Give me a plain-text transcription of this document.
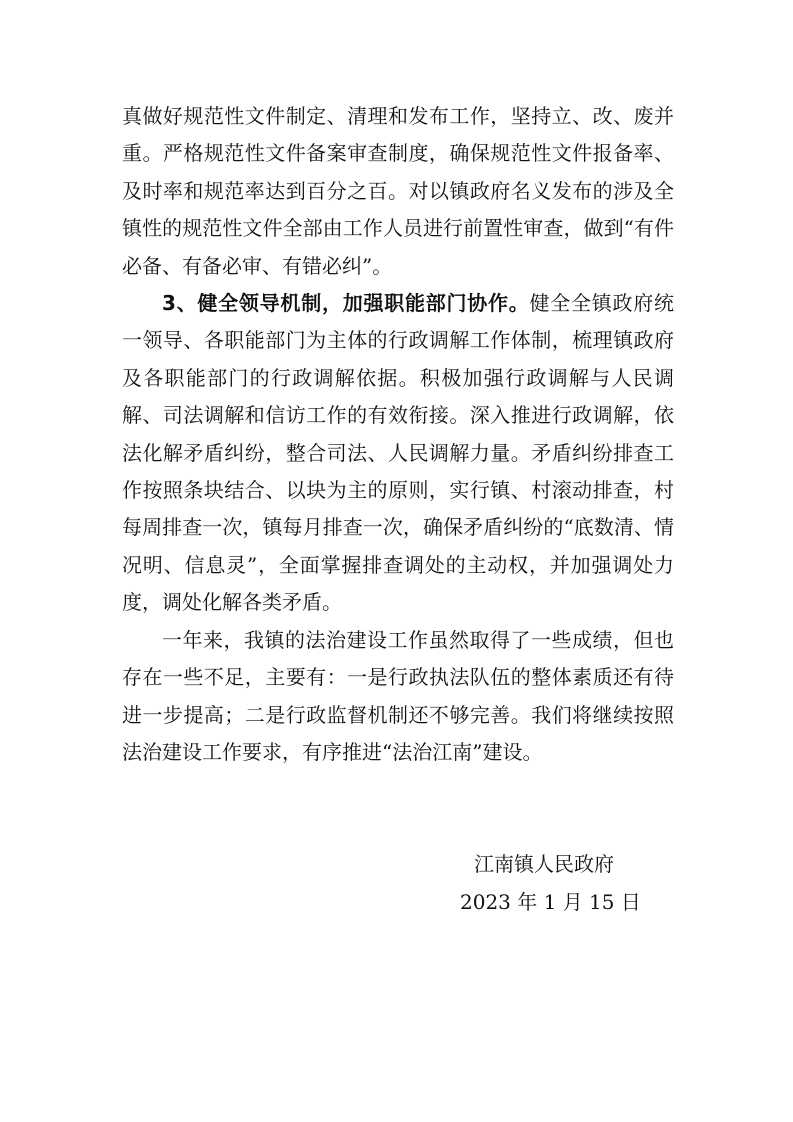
真做好规范性文件制定、清理和发布工作，坚持立、改、废并重。严格规范性文件备案审查制度，确保规范性文件报备率、及时率和规范率达到百分之百。对以镇政府名义发布的涉及全镇性的规范性文件全部由工作人员进行前置性审查，做到“有件必备、有备必审、有错必纠”。

3、健全领导机制，加强职能部门协作。健全全镇政府统一领导、各职能部门为主体的行政调解工作体制，梳理镇政府及各职能部门的行政调解依据。积极加强行政调解与人民调解、司法调解和信访工作的有效衔接。深入推进行政调解，依法化解矛盾纠纷，整合司法、人民调解力量。矛盾纠纷排查工作按照条块结合、以块为主的原则，实行镇、村滚动排查，村每周排查一次，镇每月排查一次，确保矛盾纠纷的“底数清、情况明、信息灵”，全面掌握排查调处的主动权，并加强调处力度，调处化解各类矛盾。

一年来，我镇的法治建设工作虽然取得了一些成绩，但也存在一些不足，主要有：一是行政执法队伍的整体素质还有待进一步提高；二是行政监督机制还不够完善。我们将继续按照法治建设工作要求，有序推进“法治江南”建设。

江南镇人民政府
2023 年 1 月 15 日
